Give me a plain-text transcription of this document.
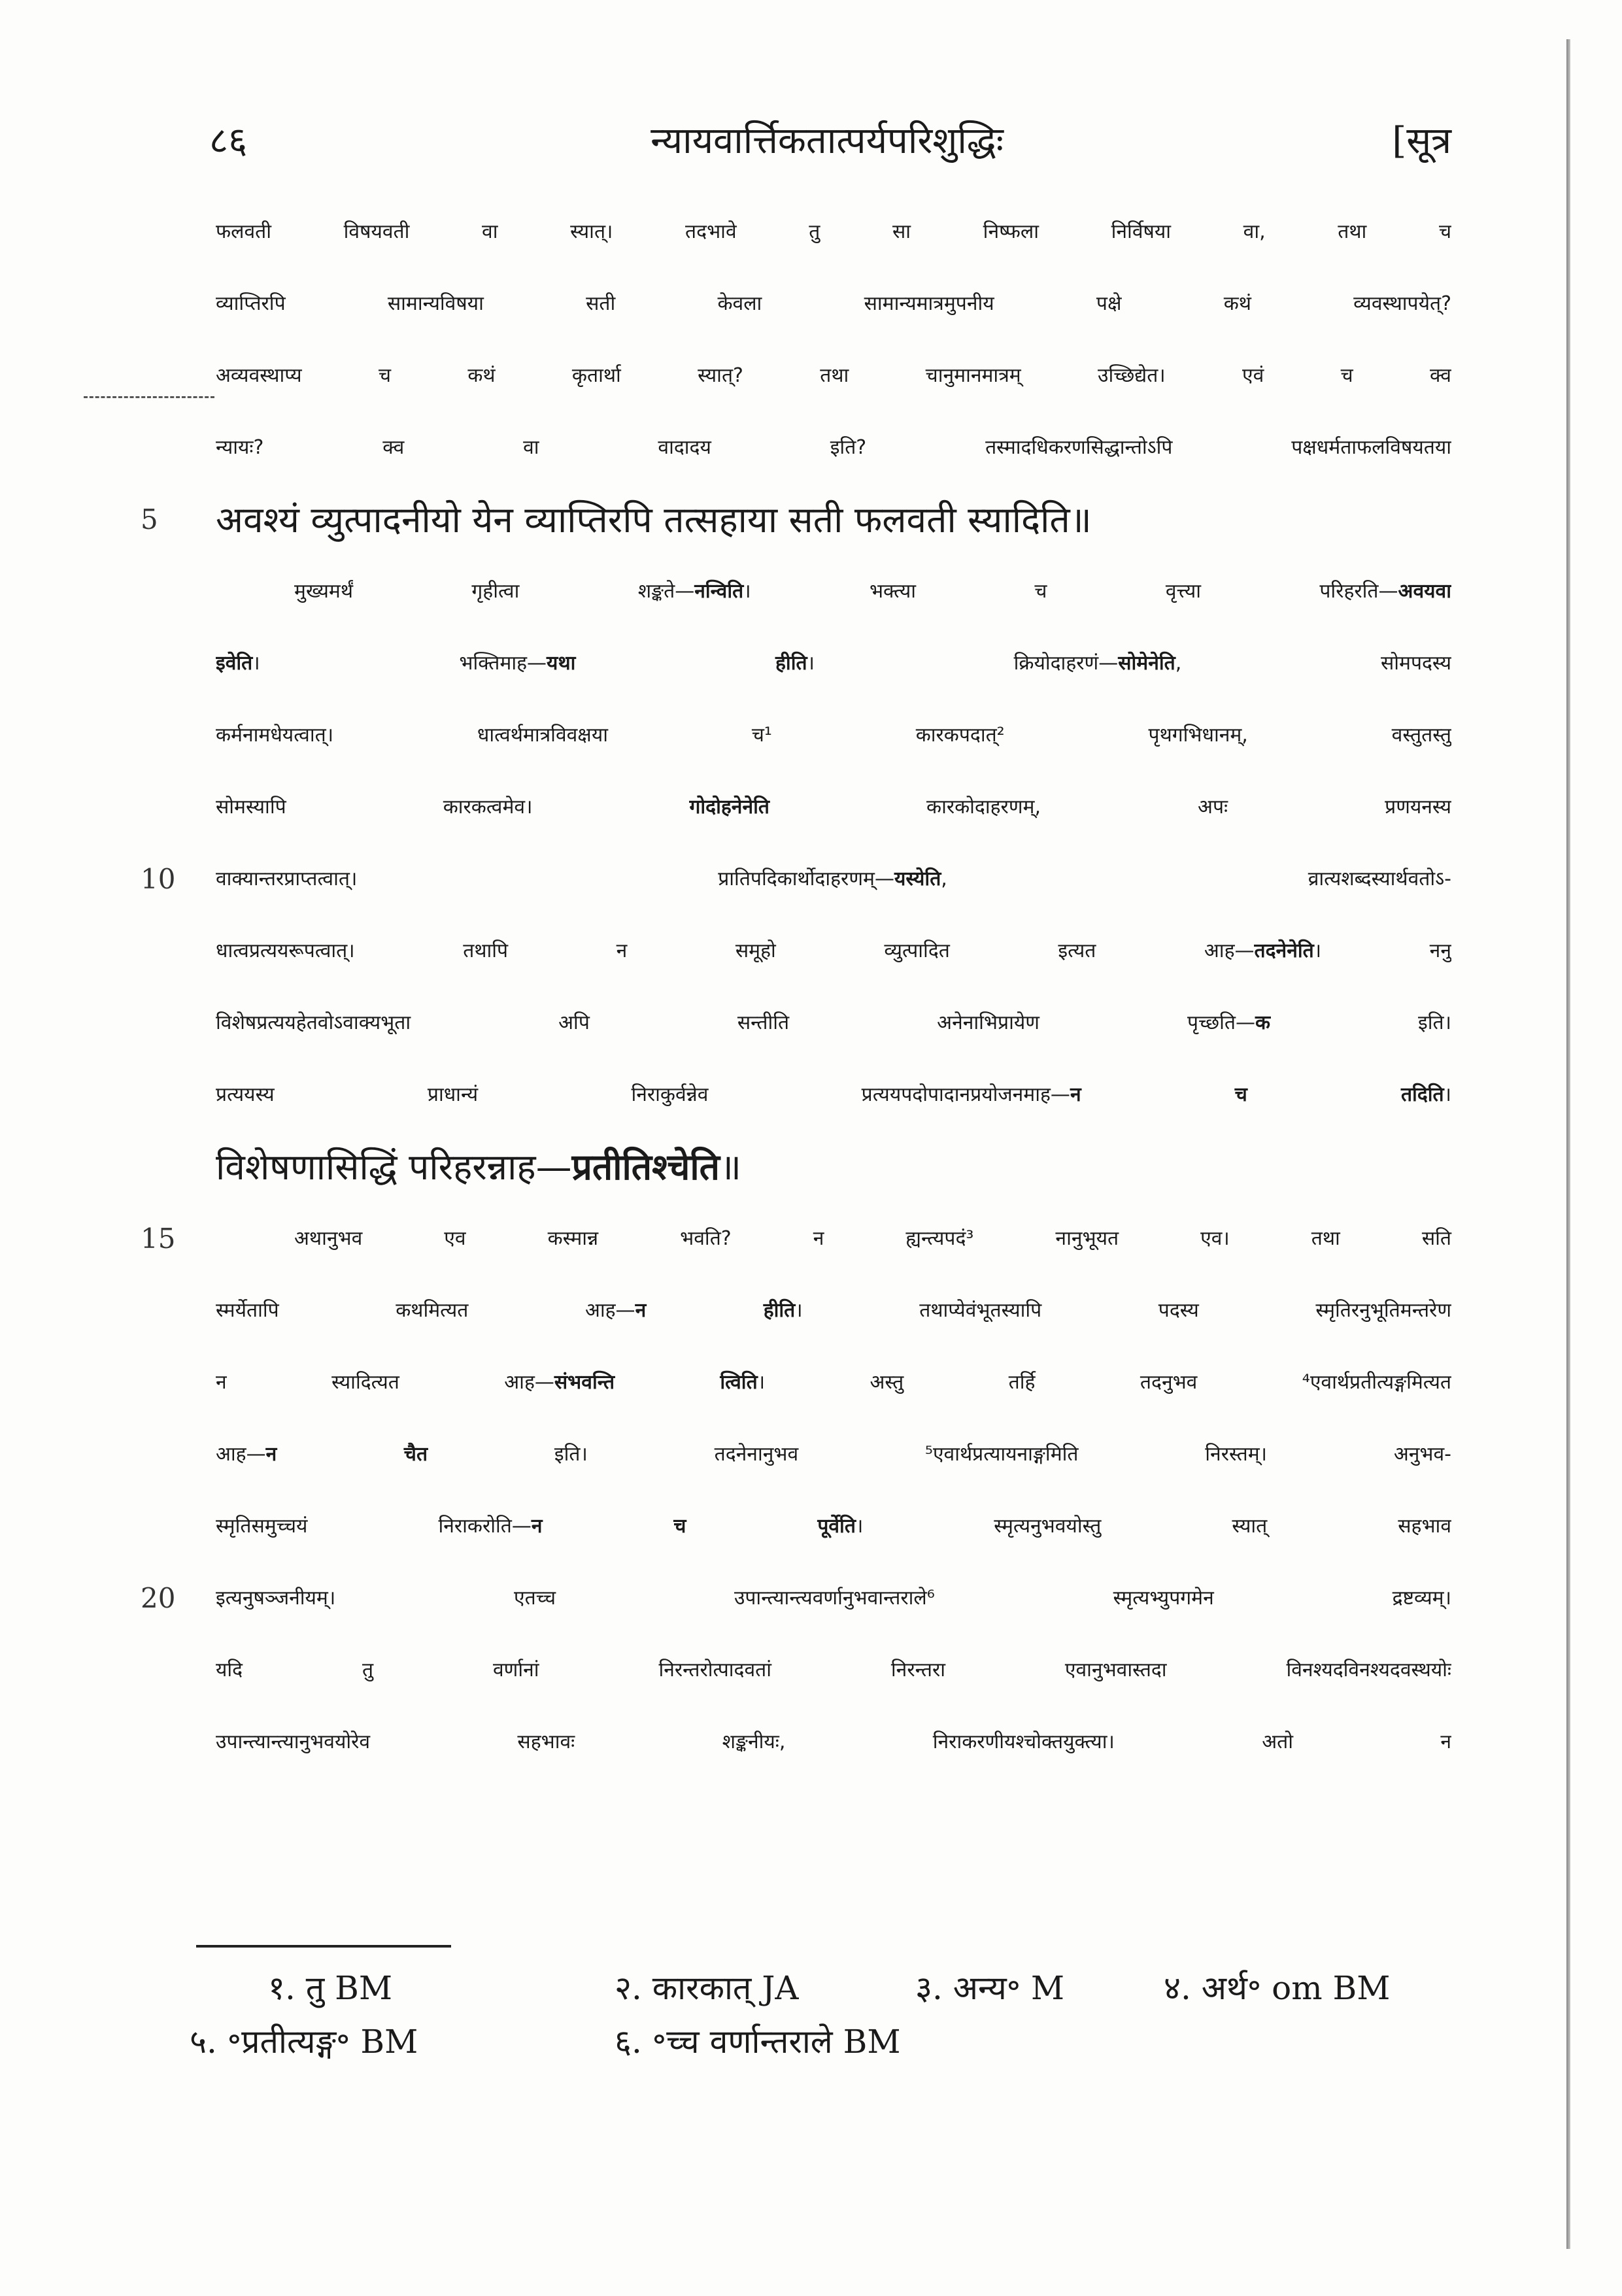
८६	न्यायवार्त्तिकतात्पर्यपरिशुद्धिः	[सूत्र
फलवती विषयवती वा स्यात्। तदभावे तु सा निष्फला निर्विषया वा, तथा च
व्याप्तिरपि सामान्यविषया सती केवला सामान्यमात्रमुपनीय पक्षे कथं व्यवस्थापयेत्?
अव्यवस्थाप्य च कथं कृतार्था स्यात्? तथा चानुमानमात्रम् उच्छिद्येत। एवं च क्व
न्यायः? क्व वा वादादय इति? तस्मादधिकरणसिद्धान्तोऽपि पक्षधर्मताफलविषयतया
5	अवश्यं व्युत्पादनीयो येन व्याप्तिरपि तत्सहाया सती फलवती स्यादिति॥
मुख्यमर्थं गृहीत्वा शङ्कते—नन्विति। भक्त्या च वृत्त्या परिहरति—अवयवा
इवेति। भक्तिमाह—यथा हीति। क्रियोदाहरणं—सोमेनेति, सोमपदस्य
कर्मनामधेयत्वात्। धात्वर्थमात्रविवक्षया च¹ कारकपदात्² पृथगभिधानम्, वस्तुतस्तु
सोमस्यापि कारकत्वमेव। गोदोहनेनेति कारकोदाहरणम्, अपः प्रणयनस्य
10	वाक्यान्तरप्राप्तत्वात्। प्रातिपदिकार्थोदाहरणम्—यस्येति, व्रात्यशब्दस्यार्थवतोऽ-
धात्वप्रत्ययरूपत्वात्। तथापि न समूहो व्युत्पादित इत्यत आह—तदनेनेति। ननु
विशेषप्रत्ययहेतवोऽवाक्यभूता अपि सन्तीति अनेनाभिप्रायेण पृच्छति—क इति।
प्रत्ययस्य प्राधान्यं निराकुर्वन्नेव प्रत्ययपदोपादानप्रयोजनमाह—न च तदिति।
विशेषणासिद्धिं परिहरन्नाह—प्रतीतिश्चेति॥
15	अथानुभव एव कस्मान्न भवति? न ह्यन्त्यपदं³ नानुभूयत एव। तथा सति
स्मर्येतापि कथमित्यत आह—न हीति। तथाप्येवंभूतस्यापि पदस्य स्मृतिरनुभूतिमन्तरेण
न स्यादित्यत आह—संभवन्ति त्विति। अस्तु तर्हि तदनुभव ⁴एवार्थप्रतीत्यङ्गमित्यत
आह—न चैत इति। तदनेनानुभव ⁵एवार्थप्रत्यायनाङ्गमिति निरस्तम्। अनुभव-
स्मृतिसमुच्चयं निराकरोति—न च पूर्वेति। स्मृत्यनुभवयोस्तु स्यात् सहभाव
20	इत्यनुषञ्जनीयम्। एतच्च उपान्त्यान्त्यवर्णानुभवान्तराले⁶ स्मृत्यभ्युपगमेन द्रष्टव्यम्।
यदि तु वर्णानां निरन्तरोत्पादवतां निरन्तरा एवानुभवास्तदा विनश्यदविनश्यदवस्थयोः
उपान्त्यान्त्यानुभवयोरेव सहभावः शङ्कनीयः, निराकरणीयश्चोक्तयुक्त्या। अतो न
१. तु BM	२. कारकात् JA	३. अन्य॰ M	४. अर्थ॰ om BM
५. ॰प्रतीत्यङ्ग॰ BM	६. ॰च्च वर्णान्तराले BM
